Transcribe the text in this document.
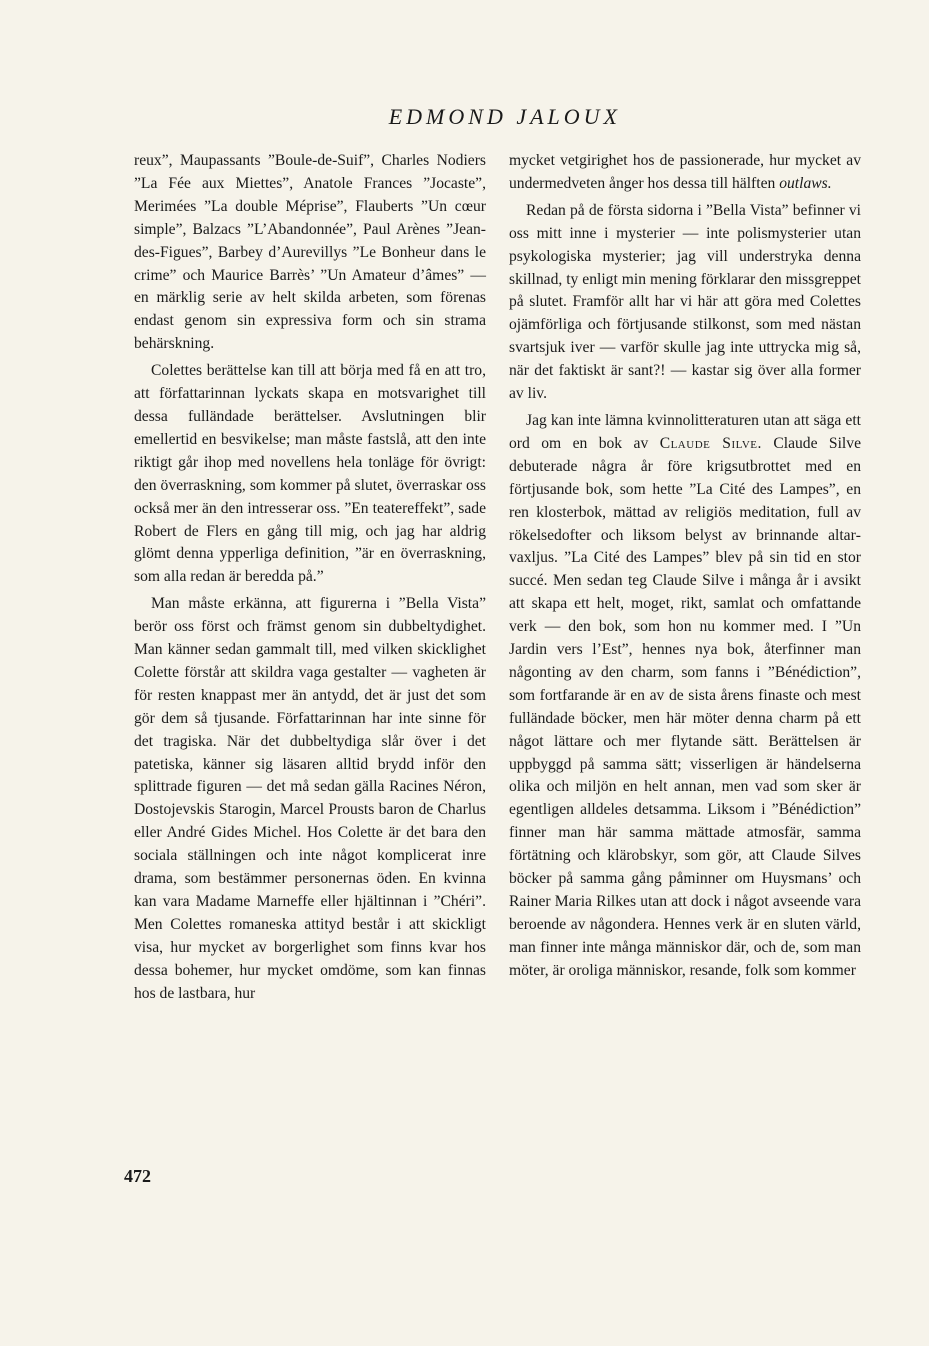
EDMOND JALOUX

reux”, Maupassants ”Boule-de-Suif”, Charles Nodiers ”La Fée aux Miettes”, Anatole Frances ”Jocaste”, Merimées ”La double Méprise”, Flauberts ”Un cœur simple”, Balzacs ”L’Abandonnée”, Paul Arènes ”Jean-des-Figues”, Barbey d’Aurevillys ”Le Bonheur dans le crime” och Maurice Barrès’ ”Un Amateur d’âmes” — en märklig serie av helt skilda arbeten, som förenas endast genom sin expressiva form och sin strama behärskning.

Colettes berättelse kan till att börja med få en att tro, att författarinnan lyckats skapa en motsvarighet till dessa fulländade berättelser. Avslutningen blir emellertid en besvikelse; man måste fastslå, att den inte riktigt går ihop med novellens hela tonläge för övrigt: den överraskning, som kommer på slutet, överraskar oss också mer än den intresserar oss. ”En teatereffekt”, sade Robert de Flers en gång till mig, och jag har aldrig glömt denna ypperliga definition, ”är en överraskning, som alla redan är beredda på.”

Man måste erkänna, att figurerna i ”Bella Vista” berör oss först och främst genom sin dubbeltydighet. Man känner sedan gammalt till, med vilken skicklighet Colette förstår att skildra vaga gestalter — vagheten är för resten knappast mer än antydd, det är just det som gör dem så tjusande. Författarinnan har inte sinne för det tragiska. När det dubbeltydiga slår över i det patetiska, känner sig läsaren alltid brydd inför den splittrade figuren — det må sedan gälla Racines Néron, Dostojevskis Starogin, Marcel Prousts baron de Charlus eller André Gides Michel. Hos Colette är det bara den sociala ställningen och inte något komplicerat inre drama, som bestämmer personernas öden. En kvinna kan vara Madame Marneffe eller hjältinnan i ”Chéri”. Men Colettes romaneska attityd består i att skickligt visa, hur mycket av borgerlighet som finns kvar hos dessa bohemer, hur mycket omdöme, som kan finnas hos de lastbara, hur

mycket vetgirighet hos de passionerade, hur mycket av undermedveten ånger hos dessa till hälften outlaws.

Redan på de första sidorna i ”Bella Vista” befinner vi oss mitt inne i mysterier — inte polismysterier utan psykologiska mysterier; jag vill understryka denna skillnad, ty enligt min mening förklarar den missgreppet på slutet. Framför allt har vi här att göra med Colettes ojämförliga och förtjusande stilkonst, som med nästan svartsjuk iver — varför skulle jag inte uttrycka mig så, när det faktiskt är sant?! — kastar sig över alla former av liv.

Jag kan inte lämna kvinnolitteraturen utan att säga ett ord om en bok av Claude Silve. Claude Silve debuterade några år före krigsutbrottet med en förtjusande bok, som hette ”La Cité des Lampes”, en ren klosterbok, mättad av religiös meditation, full av rökelsedofter och liksom belyst av brinnande altarvaxljus. ”La Cité des Lampes” blev på sin tid en stor succé. Men sedan teg Claude Silve i många år i avsikt att skapa ett helt, moget, rikt, samlat och omfattande verk — den bok, som hon nu kommer med. I ”Un Jardin vers l’Est”, hennes nya bok, återfinner man någonting av den charm, som fanns i ”Bénédiction”, som fortfarande är en av de sista årens finaste och mest fulländade böcker, men här möter denna charm på ett något lättare och mer flytande sätt. Berättelsen är uppbyggd på samma sätt; visserligen är händelserna olika och miljön en helt annan, men vad som sker är egentligen alldeles detsamma. Liksom i ”Bénédiction” finner man här samma mättade atmosfär, samma förtätning och klärobskyr, som gör, att Claude Silves böcker på samma gång påminner om Huysmans’ och Rainer Maria Rilkes utan att dock i något avseende vara beroende av någondera. Hennes verk är en sluten värld, man finner inte många människor där, och de, som man möter, är oroliga människor, resande, folk som kommer

472
